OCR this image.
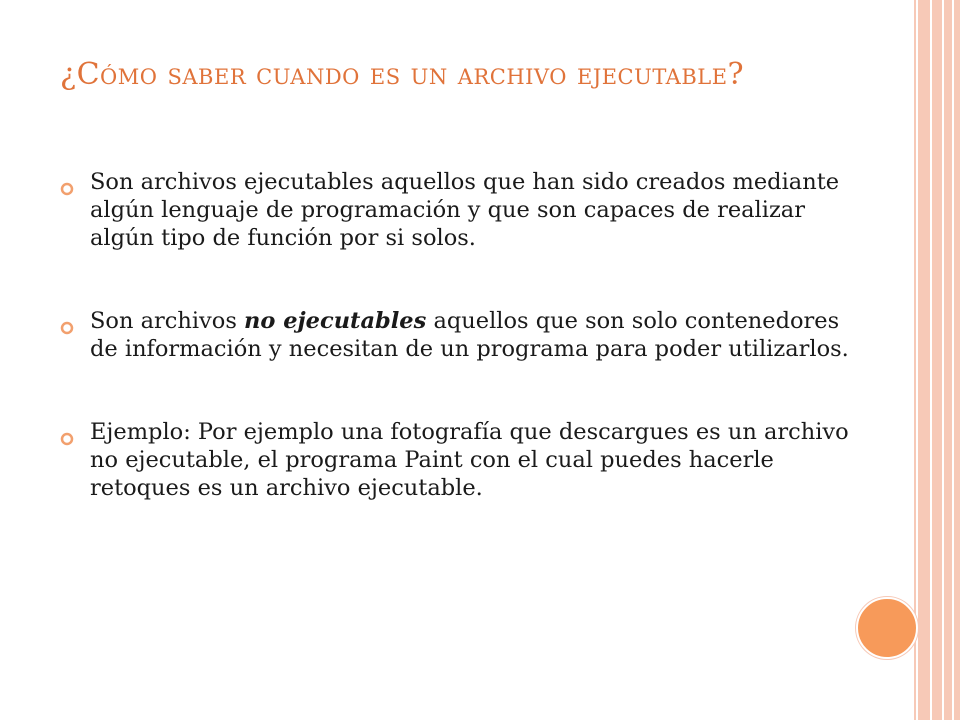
¿Cómo saber cuando es un archivo ejecutable?
Son archivos ejecutables aquellos que han sido creados mediante algún lenguaje de programación y que son capaces de realizar algún tipo de función por si solos.
Son archivos no ejecutables aquellos que son solo contenedores de información y necesitan de un programa para poder utilizarlos.
Ejemplo: Por ejemplo una fotografía que descargues es un archivo no ejecutable, el programa Paint con el cual puedes hacerle retoques es un archivo ejecutable.
